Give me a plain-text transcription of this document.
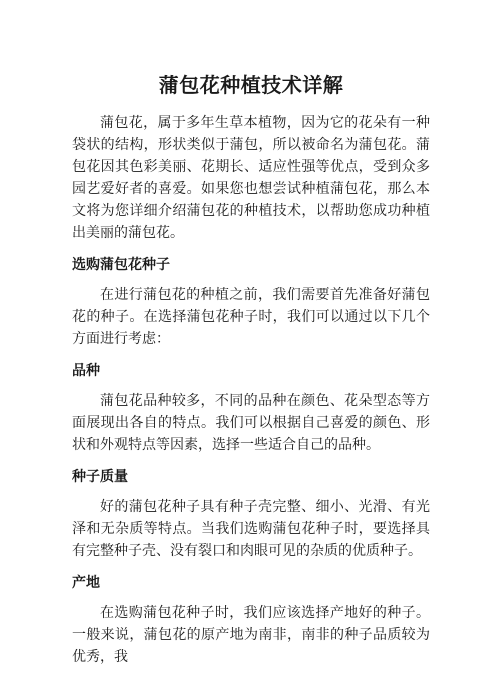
蒲包花种植技术详解

蒲包花，属于多年生草本植物，因为它的花朵有一种袋状的结构，形状类似于蒲包，所以被命名为蒲包花。蒲包花因其色彩美丽、花期长、适应性强等优点，受到众多园艺爱好者的喜爱。如果您也想尝试种植蒲包花，那么本文将为您详细介绍蒲包花的种植技术，以帮助您成功种植出美丽的蒲包花。

选购蒲包花种子

在进行蒲包花的种植之前，我们需要首先准备好蒲包花的种子。在选择蒲包花种子时，我们可以通过以下几个方面进行考虑：

品种

蒲包花品种较多，不同的品种在颜色、花朵型态等方面展现出各自的特点。我们可以根据自己喜爱的颜色、形状和外观特点等因素，选择一些适合自己的品种。

种子质量

好的蒲包花种子具有种子壳完整、细小、光滑、有光泽和无杂质等特点。当我们选购蒲包花种子时，要选择具有完整种子壳、没有裂口和肉眼可见的杂质的优质种子。

产地

在选购蒲包花种子时，我们应该选择产地好的种子。一般来说，蒲包花的原产地为南非，南非的种子品质较为优秀，我
